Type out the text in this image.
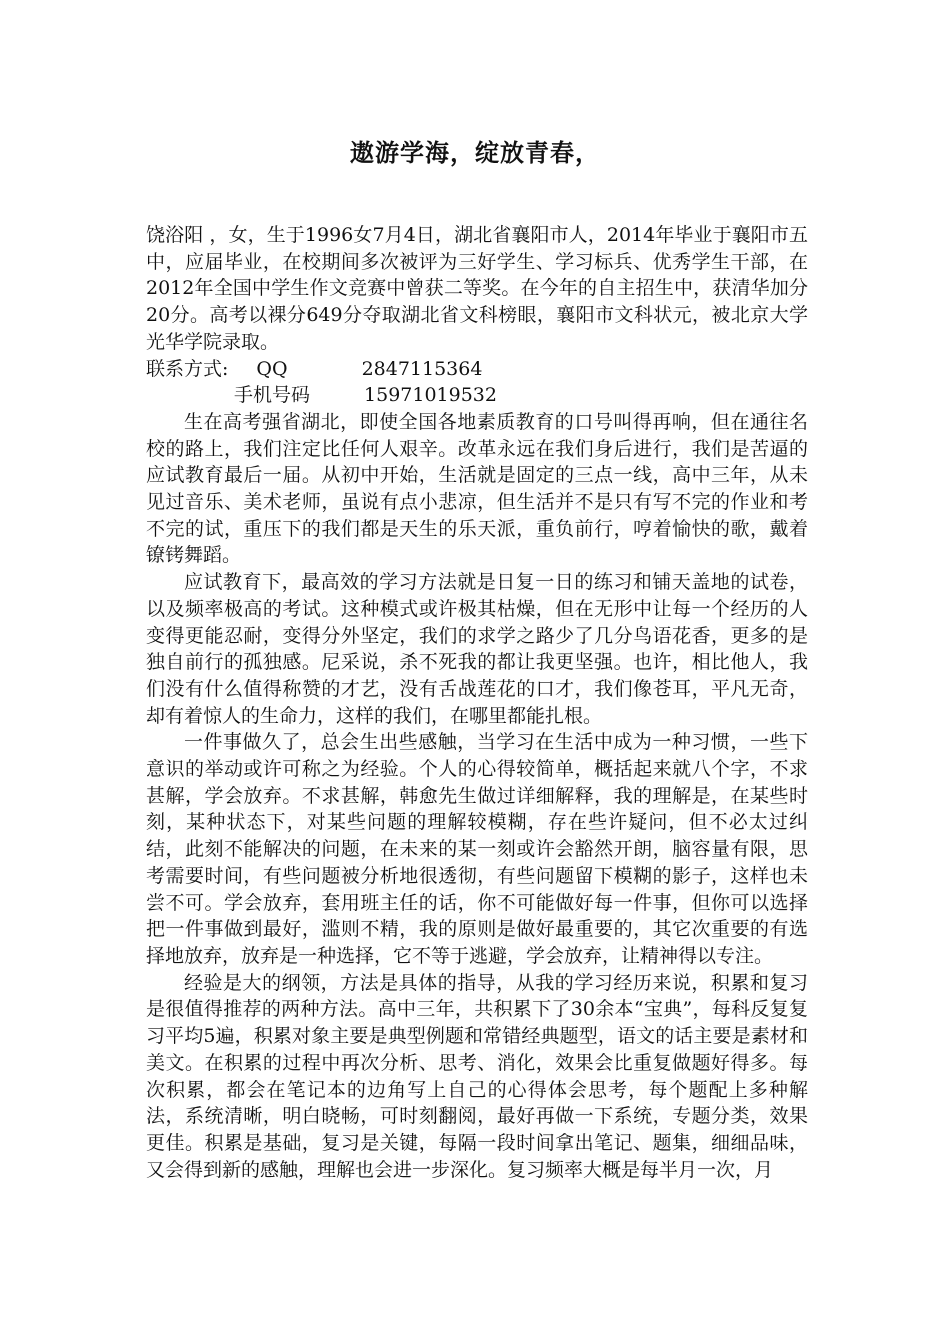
遨游学海，绽放青春，

饶浴阳 ，女，生于1996女7月4日，湖北省襄阳市人，2014年毕业于襄阳市五中，应届毕业，在校期间多次被评为三好学生、学习标兵、优秀学生干部，在2012年全国中学生作文竞赛中曾获二等奖。在今年的自主招生中，获清华加分20分。高考以裸分649分夺取湖北省文科榜眼，襄阳市文科状元，被北京大学光华学院录取。

联系方式: QQ	2847115364
手机号码	15971019532

生在高考强省湖北，即使全国各地素质教育的口号叫得再响，但在通往名校的路上，我们注定比任何人艰辛。改革永远在我们身后进行，我们是苦逼的应试教育最后一届。从初中开始，生活就是固定的三点一线，高中三年，从未见过音乐、美术老师，虽说有点小悲凉，但生活并不是只有写不完的作业和考不完的试，重压下的我们都是天生的乐天派，重负前行，哼着愉快的歌，戴着镣铐舞蹈。

应试教育下，最高效的学习方法就是日复一日的练习和铺天盖地的试卷，以及频率极高的考试。这种模式或许极其枯燥，但在无形中让每一个经历的人变得更能忍耐，变得分外坚定，我们的求学之路少了几分鸟语花香，更多的是独自前行的孤独感。尼采说，杀不死我的都让我更坚强。也许，相比他人，我们没有什么值得称赞的才艺，没有舌战莲花的口才，我们像苍耳，平凡无奇，却有着惊人的生命力，这样的我们，在哪里都能扎根。

一件事做久了，总会生出些感触，当学习在生活中成为一种习惯，一些下意识的举动或许可称之为经验。个人的心得较简单，概括起来就八个字，不求甚解，学会放弃。不求甚解，韩愈先生做过详细解释，我的理解是，在某些时刻，某种状态下，对某些问题的理解较模糊，存在些许疑问，但不必太过纠结，此刻不能解决的问题，在未来的某一刻或许会豁然开朗，脑容量有限，思考需要时间，有些问题被分析地很透彻，有些问题留下模糊的影子，这样也未尝不可。学会放弃，套用班主任的话，你不可能做好每一件事，但你可以选择把一件事做到最好，滥则不精，我的原则是做好最重要的，其它次重要的有选择地放弃，放弃是一种选择，它不等于逃避，学会放弃，让精神得以专注。

经验是大的纲领，方法是具体的指导，从我的学习经历来说，积累和复习是很值得推荐的两种方法。高中三年，共积累下了30余本“宝典”，每科反复复习平均5遍，积累对象主要是典型例题和常错经典题型，语文的话主要是素材和美文。在积累的过程中再次分析、思考、消化，效果会比重复做题好得多。每次积累，都会在笔记本的边角写上自己的心得体会思考，每个题配上多种解法，系统清晰，明白晓畅，可时刻翻阅，最好再做一下系统，专题分类，效果更佳。积累是基础，复习是关键，每隔一段时间拿出笔记、题集，细细品味，又会得到新的感触，理解也会进一步深化。复习频率大概是每半月一次，月
